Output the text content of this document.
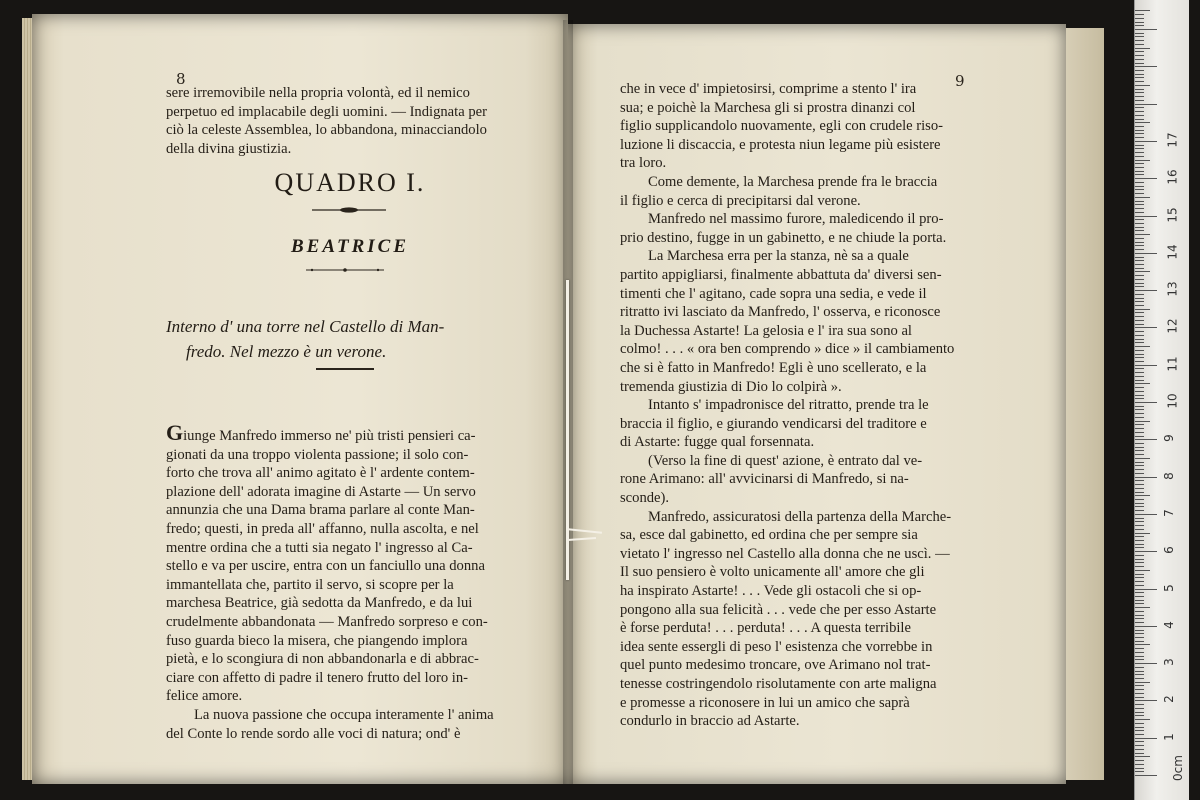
8
sere irremovibile nella propria volontà, ed il nemico
perpetuo ed implacabile degli uomini. — Indignata per
ciò la celeste Assemblea, lo abbandona, minacciandolo
della divina giustizia.
QUADRO I.
BEATRICE
Interno d' una torre nel Castello di Man-
fredo. Nel mezzo è un verone.
Giunge Manfredo immerso ne' più tristi pensieri ca-
gionati da una troppo violenta passione; il solo con-
forto che trova all' animo agitato è l' ardente contem-
plazione dell' adorata imagine di Astarte — Un servo
annunzia che una Dama brama parlare al conte Man-
fredo; questi, in preda all' affanno, nulla ascolta, e nel
mentre ordina che a tutti sia negato l' ingresso al Ca-
stello e va per uscire, entra con un fanciullo una donna
immantellata che, partito il servo, si scopre per la
marchesa Beatrice, già sedotta da Manfredo, e da lui
crudelmente abbandonata — Manfredo sorpreso e con-
fuso guarda bieco la misera, che piangendo implora
pietà, e lo scongiura di non abbandonarla e di abbrac-
ciare con affetto di padre il tenero frutto del loro in-
felice amore.
La nuova passione che occupa interamente l' anima
del Conte lo rende sordo alle voci di natura; ond' è
9
che in vece d' impietosirsi, comprime a stento l' ira
sua; e poichè la Marchesa gli si prostra dinanzi col
figlio supplicandolo nuovamente, egli con crudele riso-
luzione li discaccia, e protesta niun legame più esistere
tra loro.
Come demente, la Marchesa prende fra le braccia
il figlio e cerca di precipitarsi dal verone.
Manfredo nel massimo furore, maledicendo il pro-
prio destino, fugge in un gabinetto, e ne chiude la porta.
La Marchesa erra per la stanza, nè sa a quale
partito appigliarsi, finalmente abbattuta da' diversi sen-
timenti che l' agitano, cade sopra una sedia, e vede il
ritratto ivi lasciato da Manfredo, l' osserva, e riconosce
la Duchessa Astarte! La gelosia e l' ira sua sono al
colmo! . . . « ora ben comprendo » dice » il cambiamento
che si è fatto in Manfredo! Egli è uno scellerato, e la
tremenda giustizia di Dio lo colpirà ».
Intanto s' impadronisce del ritratto, prende tra le
braccia il figlio, e giurando vendicarsi del traditore e
di Astarte: fugge qual forsennata.
(Verso la fine di quest' azione, è entrato dal ve-
rone Arimano: all' avvicinarsi di Manfredo, si na-
sconde).
Manfredo, assicuratosi della partenza della Marche-
sa, esce dal gabinetto, ed ordina che per sempre sia
vietato l' ingresso nel Castello alla donna che ne uscì. —
Il suo pensiero è volto unicamente all' amore che gli
ha inspirato Astarte! . . . Vede gli ostacoli che si op-
pongono alla sua felicità . . . vede che per esso Astarte
è forse perduta! . . . perduta! . . . A questa terribile
idea sente essergli di peso l' esistenza che vorrebbe in
quel punto medesimo troncare, ove Arimano nol trat-
tenesse costringendolo risolutamente con arte maligna
e promesse a riconosere in lui un amico che saprà
condurlo in braccio ad Astarte.
0cm
1
2
3
4
5
6
7
8
9
10
11
12
13
14
15
16
17
